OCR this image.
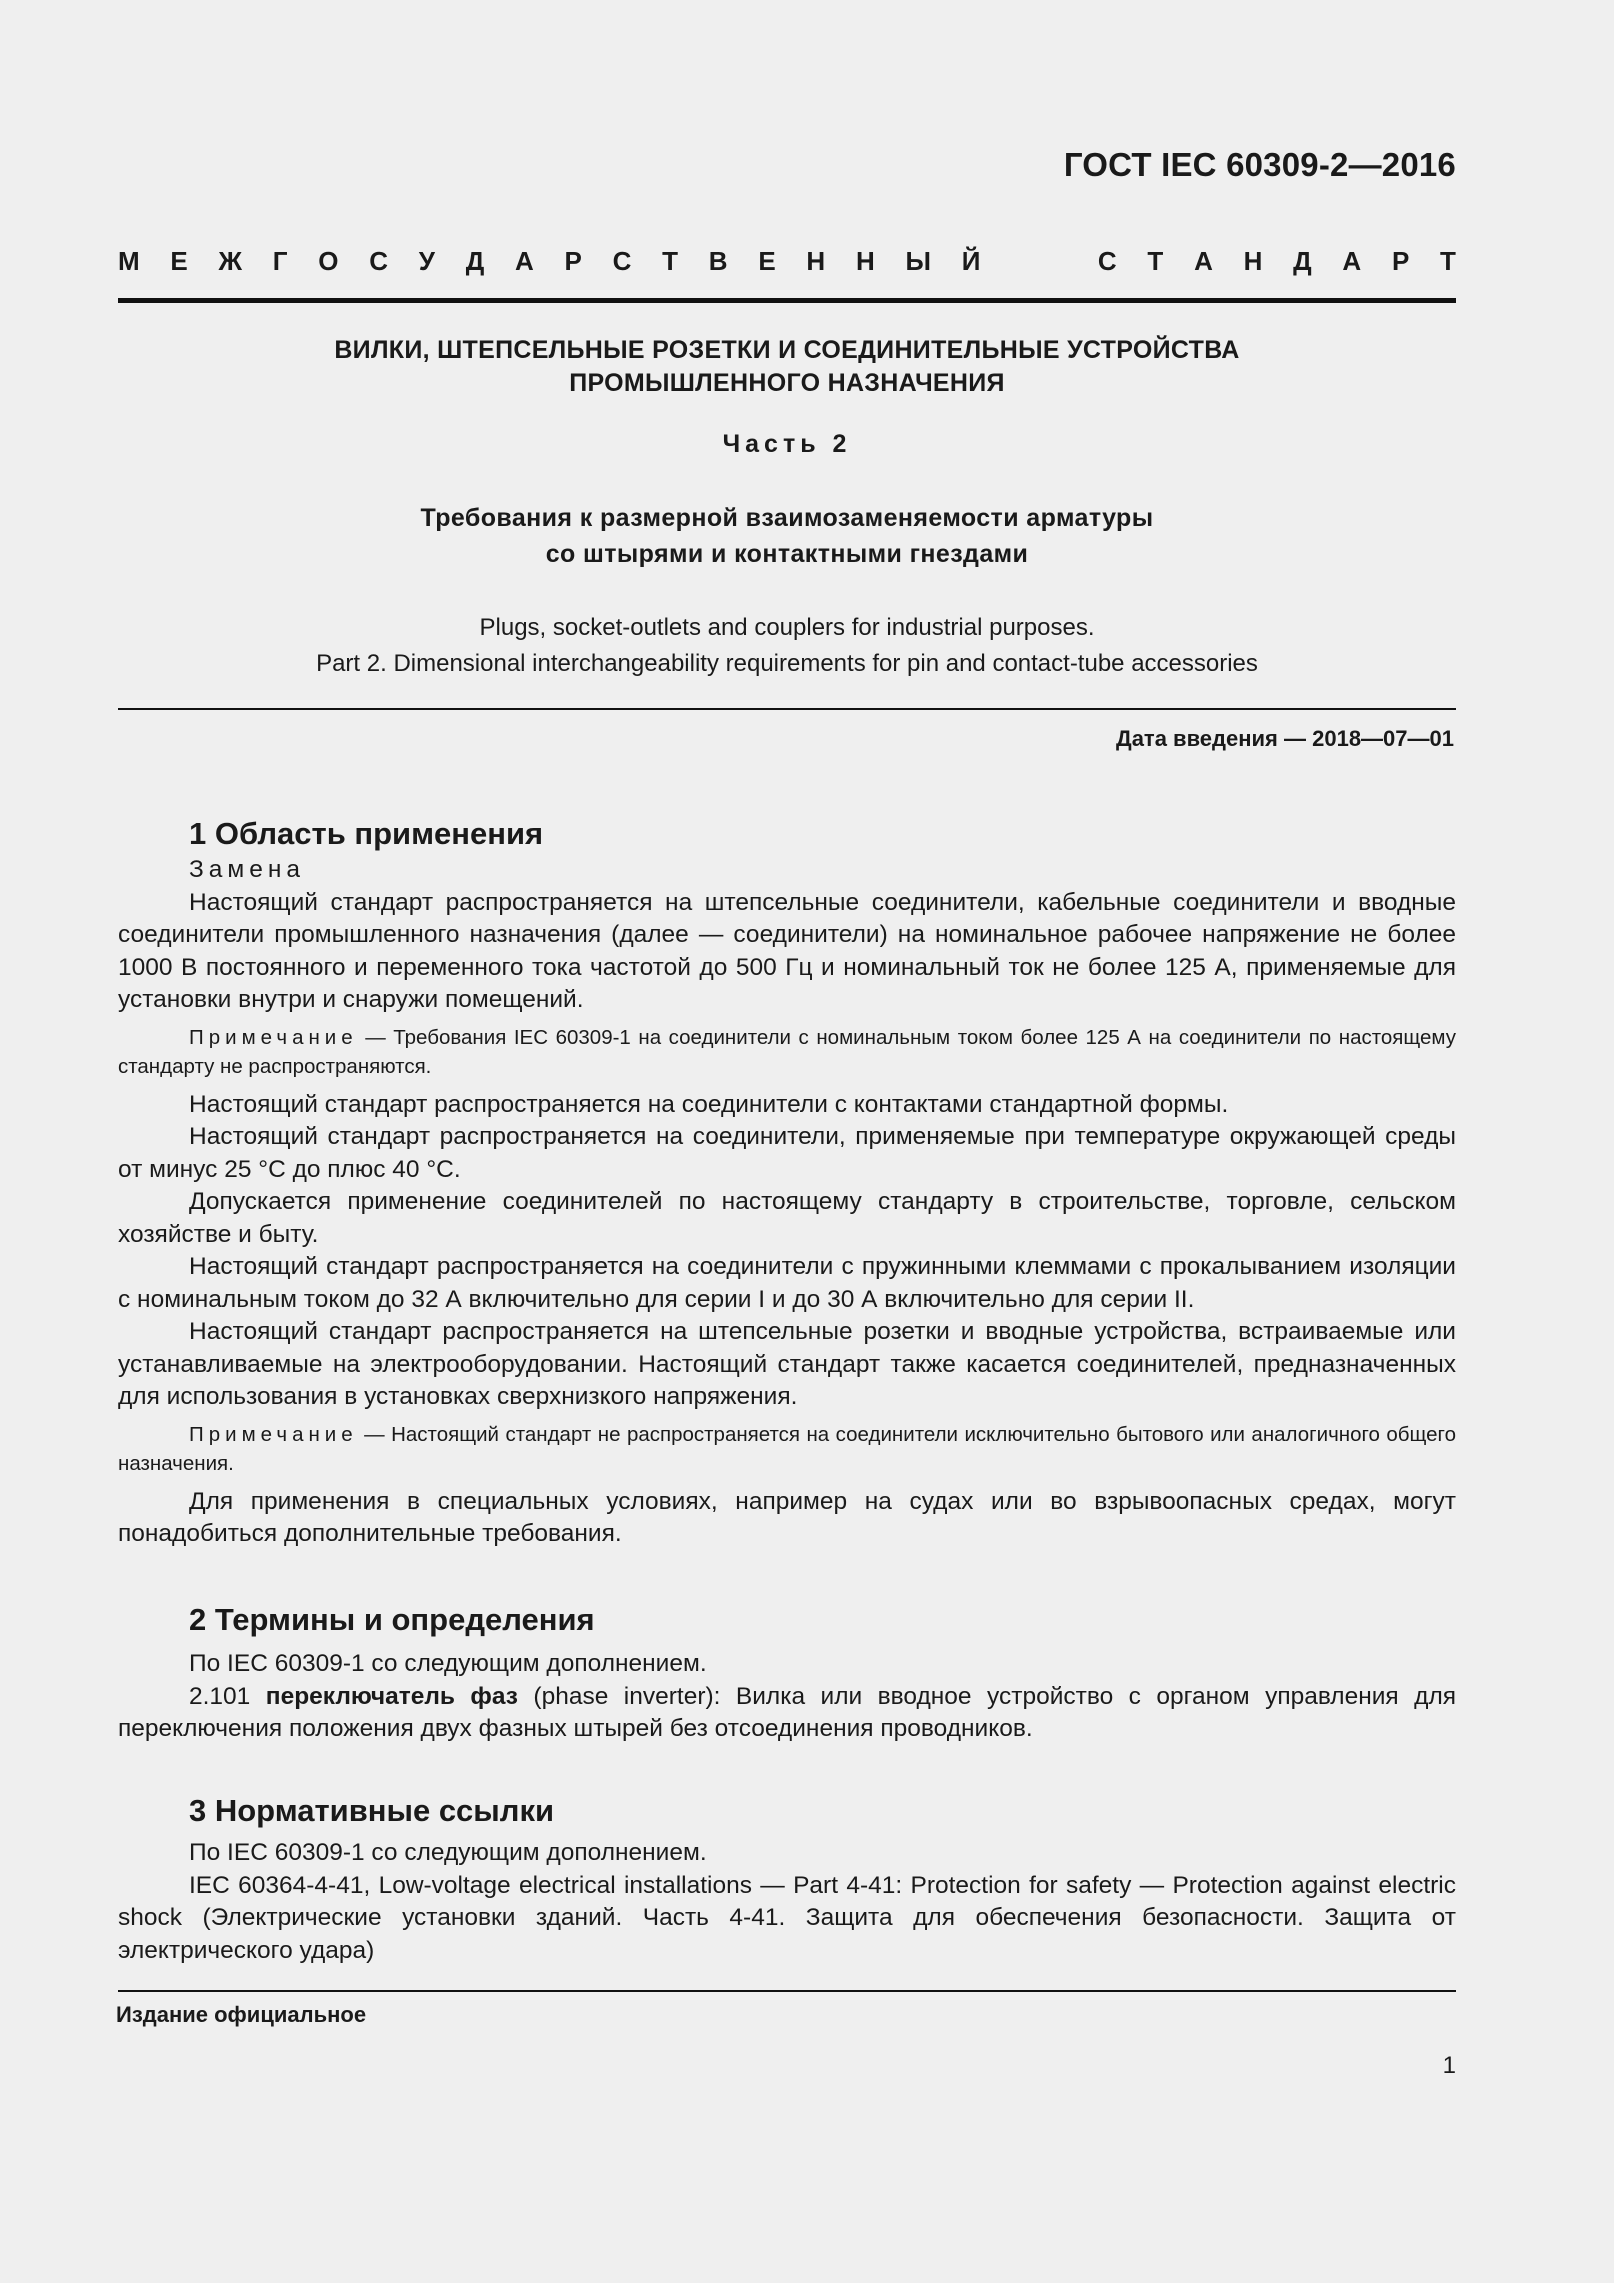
ГОСТ IEC 60309-2—2016
М Е Ж Г О С У Д А Р С Т В Е Н Н Ы Й	С Т А Н Д А Р Т
ВИЛКИ, ШТЕПСЕЛЬНЫЕ РОЗЕТКИ И СОЕДИНИТЕЛЬНЫЕ УСТРОЙСТВА
ПРОМЫШЛЕННОГО НАЗНАЧЕНИЯ
Часть 2
Требования к размерной взаимозаменяемости арматуры
со штырями и контактными гнездами
Plugs, socket-outlets and couplers for industrial purposes.
Part 2. Dimensional interchangeability requirements for pin and contact-tube accessories
Дата введения — 2018—07—01
1 Область применения

Замена

Настоящий стандарт распространяется на штепсельные соединители, кабельные соединители и вводные соединители промышленного назначения (далее — соединители) на номинальное рабочее напряжение не более 1000 В постоянного и переменного тока частотой до 500 Гц и номинальный ток не более 125 А, применяемые для установки внутри и снаружи помещений.

Примечание — Требования IEC 60309-1 на соединители с номинальным током более 125 А на соединители по настоящему стандарту не распространяются.

Настоящий стандарт распространяется на соединители с контактами стандартной формы.

Настоящий стандарт распространяется на соединители, применяемые при температуре окружающей среды от минус 25 °С до плюс 40 °С.

Допускается применение соединителей по настоящему стандарту в строительстве, торговле, сельском хозяйстве и быту.

Настоящий стандарт распространяется на соединители с пружинными клеммами с прокалыванием изоляции с номинальным током до 32 А включительно для серии I и до 30 А включительно для серии II.

Настоящий стандарт распространяется на штепсельные розетки и вводные устройства, встраиваемые или устанавливаемые на электрооборудовании. Настоящий стандарт также касается соединителей, предназначенных для использования в установках сверхнизкого напряжения.

Примечание — Настоящий стандарт не распространяется на соединители исключительно бытового или аналогичного общего назначения.

Для применения в специальных условиях, например на судах или во взрывоопасных средах, могут понадобиться дополнительные требования.

2 Термины и определения

По IEC 60309-1 со следующим дополнением.

2.101 переключатель фаз (phase inverter): Вилка или вводное устройство с органом управления для переключения положения двух фазных штырей без отсоединения проводников.

3 Нормативные ссылки

По IEC 60309-1 со следующим дополнением.

IEC 60364-4-41, Low-voltage electrical installations — Part 4-41: Protection for safety — Protection against electric shock (Электрические установки зданий. Часть 4-41. Защита для обеспечения безопасности. Защита от электрического удара)

Издание официальное
1
